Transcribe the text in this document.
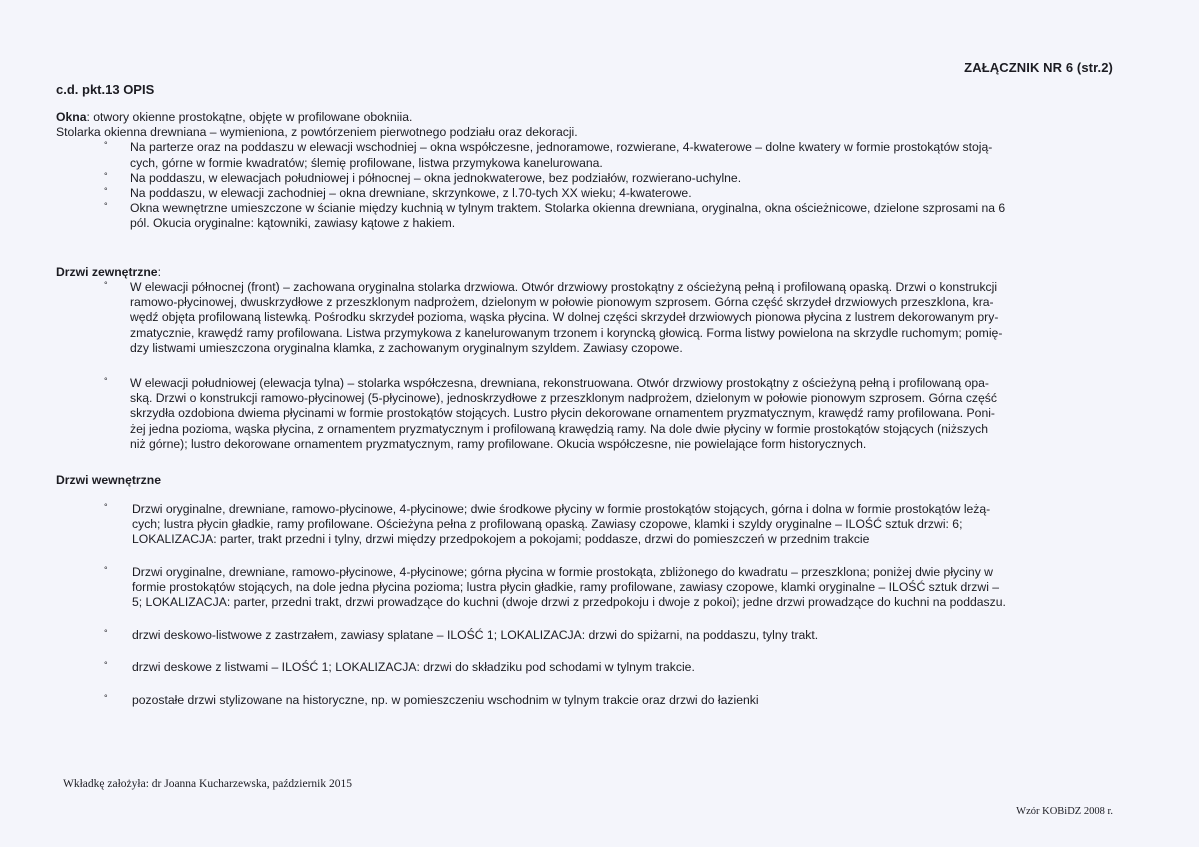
ZAŁĄCZNIK NR 6 (str.2)
c.d. pkt.13 OPIS

Okna: otwory okienne prostokątne, objęte w profilowane obokniia.

Stolarka okienna drewniana – wymieniona, z powtórzeniem pierwotnego podziału oraz dekoracji.

° Na parterze oraz na poddaszu w elewacji wschodniej – okna współczesne, jednoramowe, rozwierane, 4-kwaterowe – dolne kwatery w formie prostokątów stoją-
cych, górne w formie kwadratów; ślemię profilowane, listwa przymykowa kanelurowana.
° Na poddaszu, w elewacjach południowej i północnej – okna jednokwaterowe, bez podziałów, rozwierano-uchylne.
° Na poddaszu, w elewacji zachodniej – okna drewniane, skrzynkowe, z l.70-tych XX wieku; 4-kwaterowe.
° Okna wewnętrzne umieszczone w ścianie między kuchnią w tylnym traktem. Stolarka okienna drewniana, oryginalna, okna ościeżnicowe, dzielone szprosami na 6
pól. Okucia oryginalne: kątowniki, zawiasy kątowe z hakiem.
Drzwi zewnętrzne:
° W elewacji północnej (front) – zachowana oryginalna stolarka drzwiowa. Otwór drzwiowy prostokątny z ościeżyną pełną i profilowaną opaską. Drzwi o konstrukcji
ramowo-płycinowej, dwuskrzydłowe z przeszklonym nadprożem, dzielonym w połowie pionowym szprosem. Górna część skrzydeł drzwiowych przeszklona, kra-
wędź objęta profilowaną listewką. Pośrodku skrzydeł pozioma, wąska płycina. W dolnej części skrzydeł drzwiowych pionowa płycina z lustrem dekorowanym pry-
zmatycznie, krawędź ramy profilowana. Listwa przymykowa z kanelurowanym trzonem i koryncką głowicą. Forma listwy powielona na skrzydle ruchomym; pomię-
dzy listwami umieszczona oryginalna klamka, z zachowanym oryginalnym szyldem. Zawiasy czopowe.
° W elewacji południowej (elewacja tylna) – stolarka współczesna, drewniana, rekonstruowana. Otwór drzwiowy prostokątny z ościeżyną pełną i profilowaną opa-
ską. Drzwi o konstrukcji ramowo-płycinowej (5-płycinowe), jednoskrzydłowe z przeszklonym nadprożem, dzielonym w połowie pionowym szprosem. Górna część
skrzydła ozdobiona dwiema płycinami w formie prostokątów stojących. Lustro płycin dekorowane ornamentem pryzmatycznym, krawędź ramy profilowana. Poni-
żej jedna pozioma, wąska płycina, z ornamentem pryzmatycznym i profilowaną krawędzią ramy. Na dole dwie płyciny w formie prostokątów stojących (niższych
niż górne); lustro dekorowane ornamentem pryzmatycznym, ramy profilowane. Okucia współczesne, nie powielające form historycznych.
Drzwi wewnętrzne
° Drzwi oryginalne, drewniane, ramowo-płycinowe, 4-płycinowe; dwie środkowe płyciny w formie prostokątów stojących, górna i dolna w formie prostokątów leżą-
cych; lustra płycin gładkie, ramy profilowane. Ościeżyna pełna z profilowaną opaską. Zawiasy czopowe, klamki i szyldy oryginalne – ILOŚĆ sztuk drzwi: 6;
LOKALIZACJA: parter, trakt przedni i tylny, drzwi między przedpokojem a pokojami; poddasze, drzwi do pomieszczeń w przednim trakcie
° Drzwi oryginalne, drewniane, ramowo-płycinowe, 4-płycinowe; górna płycina w formie prostokąta, zbliżonego do kwadratu – przeszklona; poniżej dwie płyciny w
formie prostokątów stojących, na dole jedna płycina pozioma; lustra płycin gładkie, ramy profilowane, zawiasy czopowe, klamki oryginalne – ILOŚĆ sztuk drzwi –
5; LOKALIZACJA: parter, przedni trakt, drzwi prowadzące do kuchni (dwoje drzwi z przedpokoju i dwoje z pokoi); jedne drzwi prowadzące do kuchni na poddaszu.
° drzwi deskowo-listwowe z zastrzałem, zawiasy splatane – ILOŚĆ 1; LOKALIZACJA: drzwi do spiżarni, na poddaszu, tylny trakt.
° drzwi deskowe z listwami – ILOŚĆ 1; LOKALIZACJA: drzwi do składziku pod schodami w tylnym trakcie.
° pozostałe drzwi stylizowane na historyczne, np. w pomieszczeniu wschodnim w tylnym trakcie oraz drzwi do łazienki
Wkładkę założyła: dr Joanna Kucharzewska, październik 2015
Wzór KOBiDZ 2008 r.
